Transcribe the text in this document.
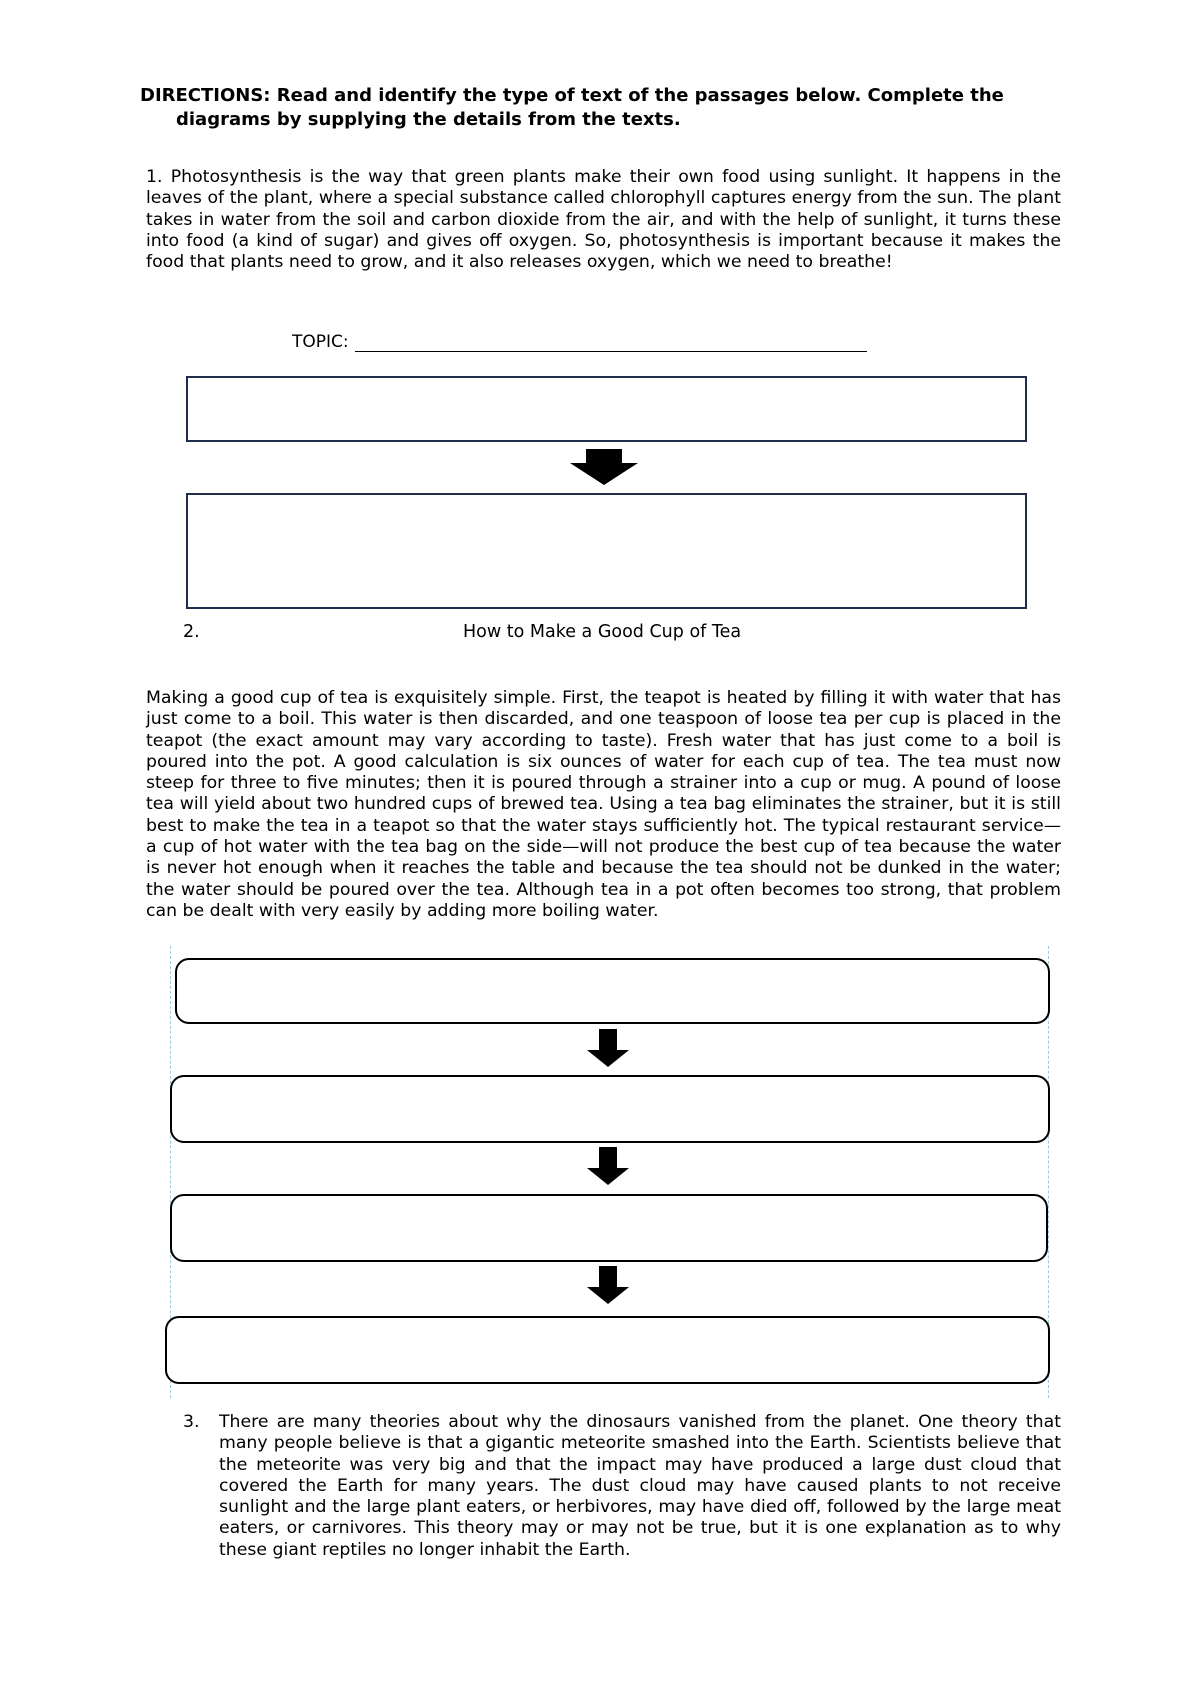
DIRECTIONS: Read and identify the type of text of the passages below. Complete the diagrams by supplying the details from the texts.
1. Photosynthesis is the way that green plants make their own food using sunlight. It happens in the leaves of the plant, where a special substance called chlorophyll captures energy from the sun. The plant takes in water from the soil and carbon dioxide from the air, and with the help of sunlight, it turns these into food (a kind of sugar) and gives off oxygen. So, photosynthesis is important because it makes the food that plants need to grow, and it also releases oxygen, which we need to breathe!
TOPIC:
2.	How to Make a Good Cup of Tea
Making a good cup of tea is exquisitely simple. First, the teapot is heated by filling it with water that has just come to a boil. This water is then discarded, and one teaspoon of loose tea per cup is placed in the teapot (the exact amount may vary according to taste). Fresh water that has just come to a boil is poured into the pot. A good calculation is six ounces of water for each cup of tea. The tea must now steep for three to five minutes; then it is poured through a strainer into a cup or mug. A pound of loose tea will yield about two hundred cups of brewed tea. Using a tea bag eliminates the strainer, but it is still best to make the tea in a teapot so that the water stays sufficiently hot. The typical restaurant service—a cup of hot water with the tea bag on the side—will not produce the best cup of tea because the water is never hot enough when it reaches the table and because the tea should not be dunked in the water; the water should be poured over the tea. Although tea in a pot often becomes too strong, that problem can be dealt with very easily by adding more boiling water.
3. There are many theories about why the dinosaurs vanished from the planet. One theory that many people believe is that a gigantic meteorite smashed into the Earth. Scientists believe that the meteorite was very big and that the impact may have produced a large dust cloud that covered the Earth for many years. The dust cloud may have caused plants to not receive sunlight and the large plant eaters, or herbivores, may have died off, followed by the large meat eaters, or carnivores. This theory may or may not be true, but it is one explanation as to why these giant reptiles no longer inhabit the Earth.
